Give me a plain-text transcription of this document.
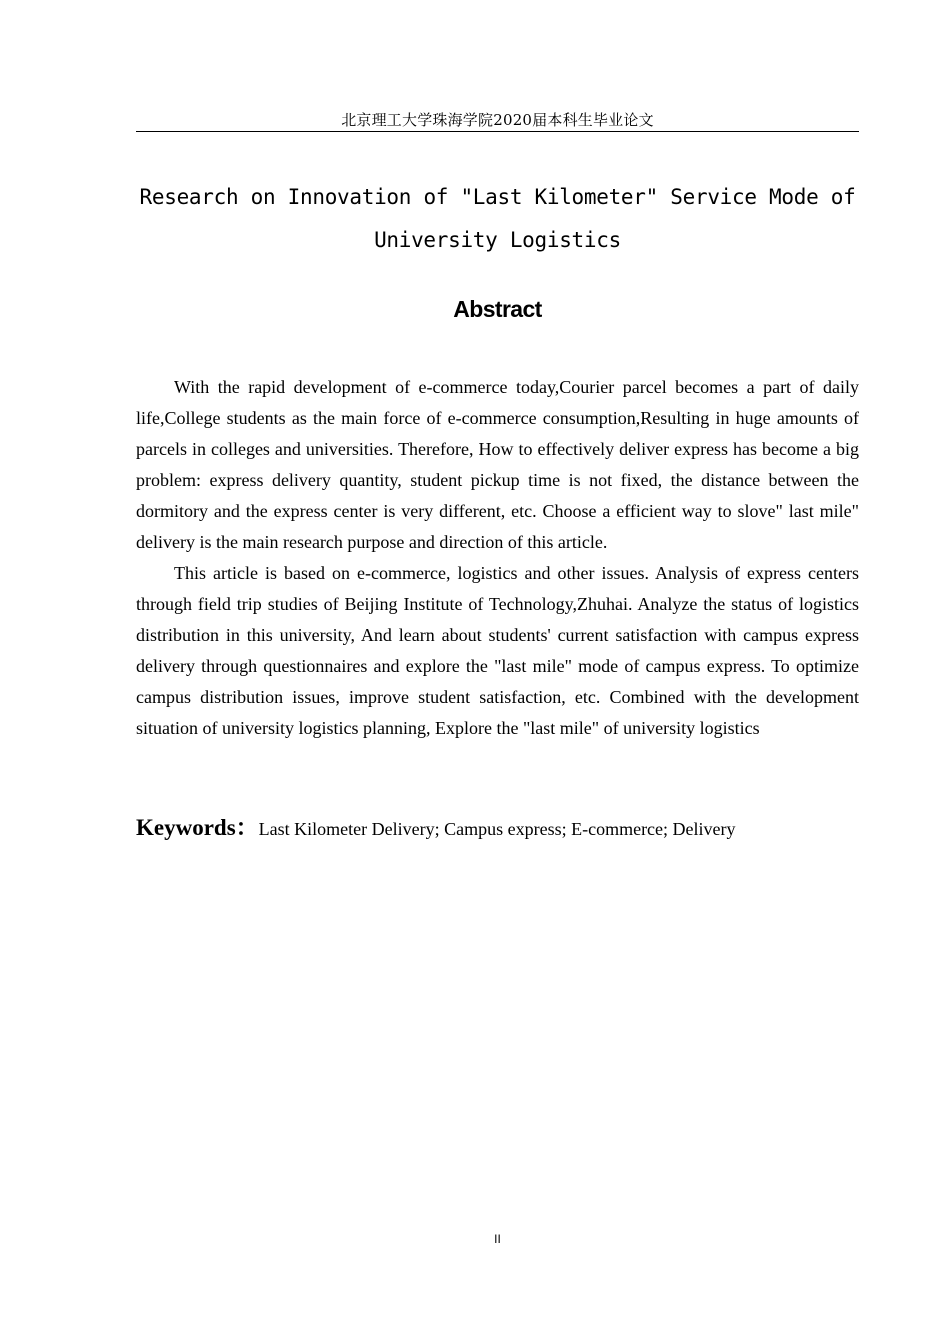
北京理工大学珠海学院2020届本科生毕业论文
Research on Innovation of "Last Kilometer" Service Mode of
University Logistics
Abstract

With the rapid development of e-commerce today,Courier parcel becomes a part of daily life,College students as the main force of e-commerce consumption,Resulting in huge amounts of parcels in colleges and universities. Therefore, How to effectively deliver express has become a big problem: express delivery quantity, student pickup time is not fixed, the distance between the dormitory and the express center is very different, etc. Choose a efficient way to slove" last mile" delivery is the main research purpose and direction of this article.

This article is based on e-commerce, logistics and other issues. Analysis of express centers through field trip studies of Beijing Institute of Technology,Zhuhai. Analyze the status of logistics distribution in this university, And learn about students' current satisfaction with campus express delivery through questionnaires and explore the "last mile" mode of campus express. To optimize campus distribution issues, improve student satisfaction, etc. Combined with the development situation of university logistics planning, Explore the "last mile" of university logistics

Keywords：Last Kilometer Delivery; Campus express; E-commerce; Delivery
II
